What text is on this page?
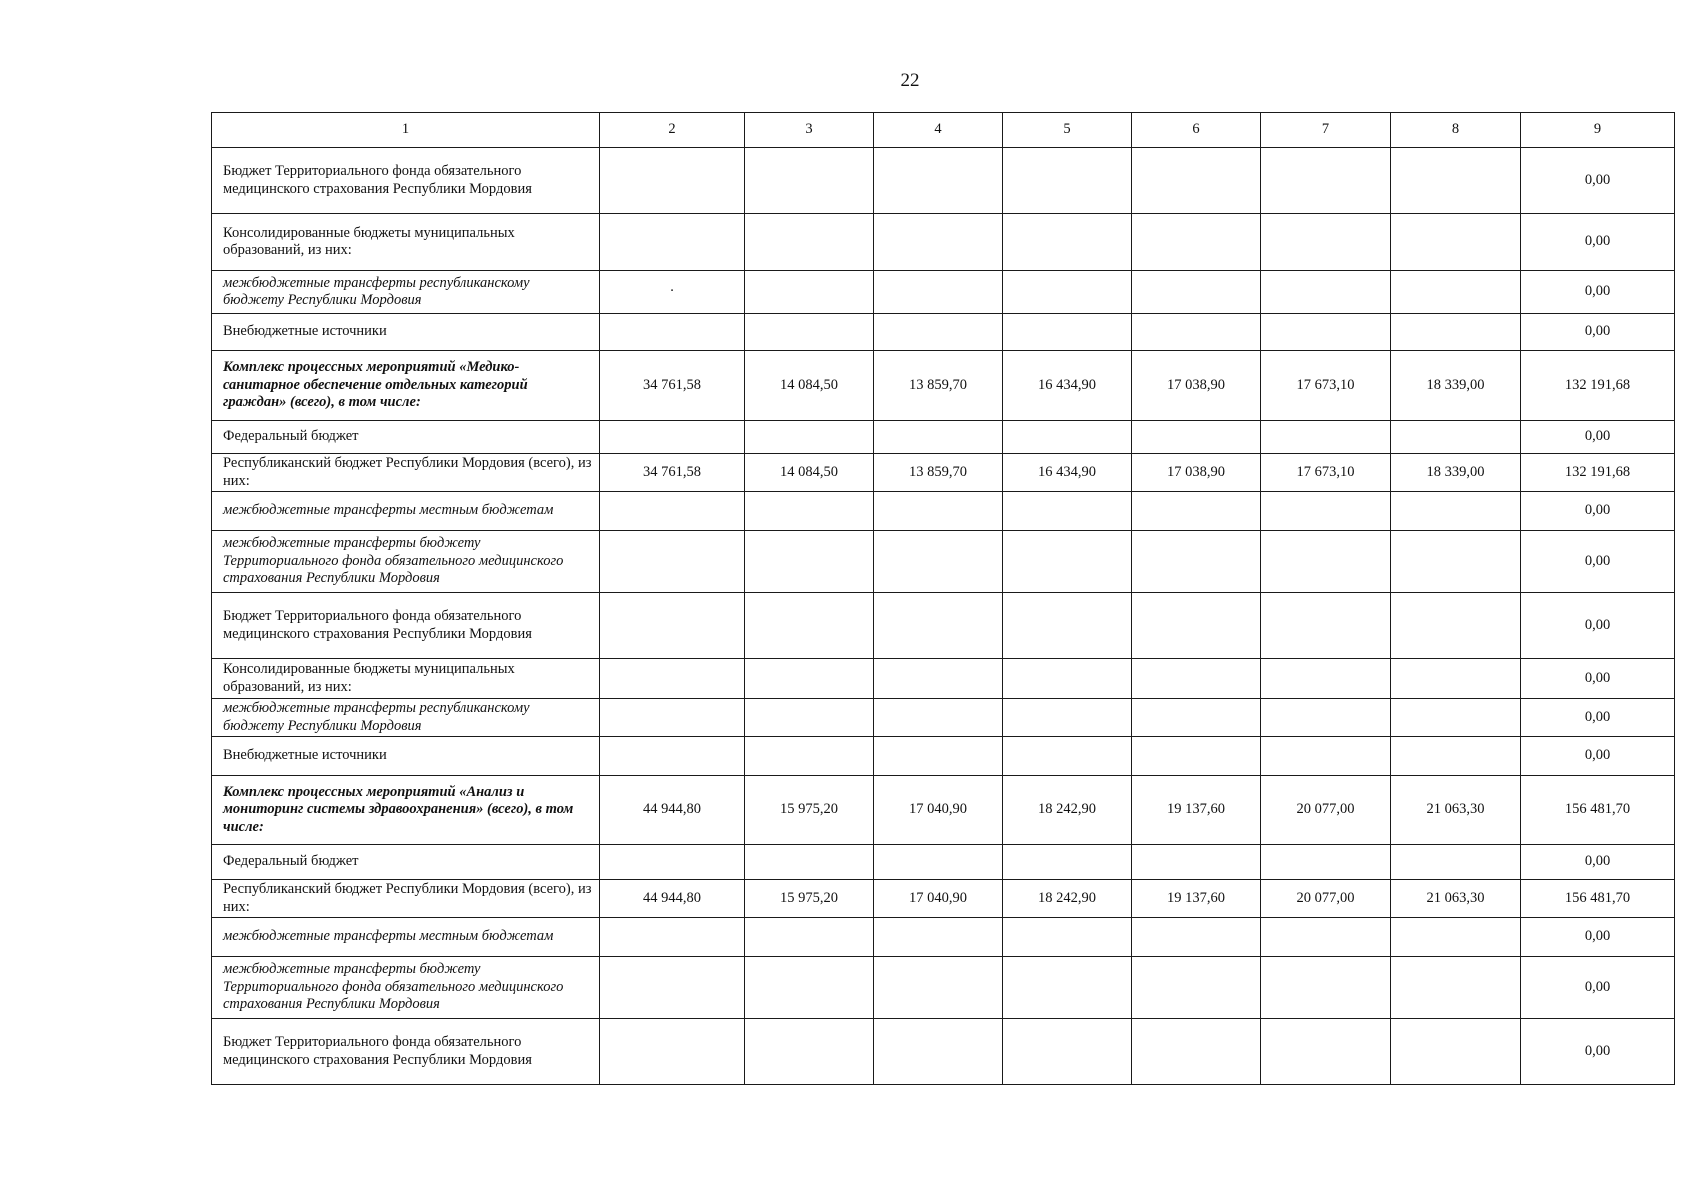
22
1	2	3	4	5	6	7	8	9
Бюджет Территориального фонда обязательного медицинского страхования Республики Мордовия								0,00
Консолидированные бюджеты муниципальных образований, из них:								0,00
межбюджетные трансферты республиканскому бюджету Республики Мордовия	·							0,00
Внебюджетные источники								0,00
Комплекс процессных мероприятий «Медико-санитарное обеспечение отдельных категорий граждан» (всего), в том числе:	34 761,58	14 084,50	13 859,70	16 434,90	17 038,90	17 673,10	18 339,00	132 191,68
Федеральный бюджет								0,00
Республиканский бюджет Республики Мордовия (всего), из них:	34 761,58	14 084,50	13 859,70	16 434,90	17 038,90	17 673,10	18 339,00	132 191,68
межбюджетные трансферты местным бюджетам								0,00
межбюджетные трансферты бюджету Территориального фонда обязательного медицинского страхования Республики Мордовия								0,00
Бюджет Территориального фонда обязательного медицинского страхования Республики Мордовия								0,00
Консолидированные бюджеты муниципальных образований, из них:								0,00
межбюджетные трансферты республиканскому бюджету Республики Мордовия								0,00
Внебюджетные источники								0,00
Комплекс процессных мероприятий «Анализ и мониторинг системы здравоохранения» (всего), в том числе:	44 944,80	15 975,20	17 040,90	18 242,90	19 137,60	20 077,00	21 063,30	156 481,70
Федеральный бюджет								0,00
Республиканский бюджет Республики Мордовия (всего), из них:	44 944,80	15 975,20	17 040,90	18 242,90	19 137,60	20 077,00	21 063,30	156 481,70
межбюджетные трансферты местным бюджетам								0,00
межбюджетные трансферты бюджету Территориального фонда обязательного медицинского страхования Республики Мордовия								0,00
Бюджет Территориального фонда обязательного медицинского страхования Республики Мордовия								0,00
